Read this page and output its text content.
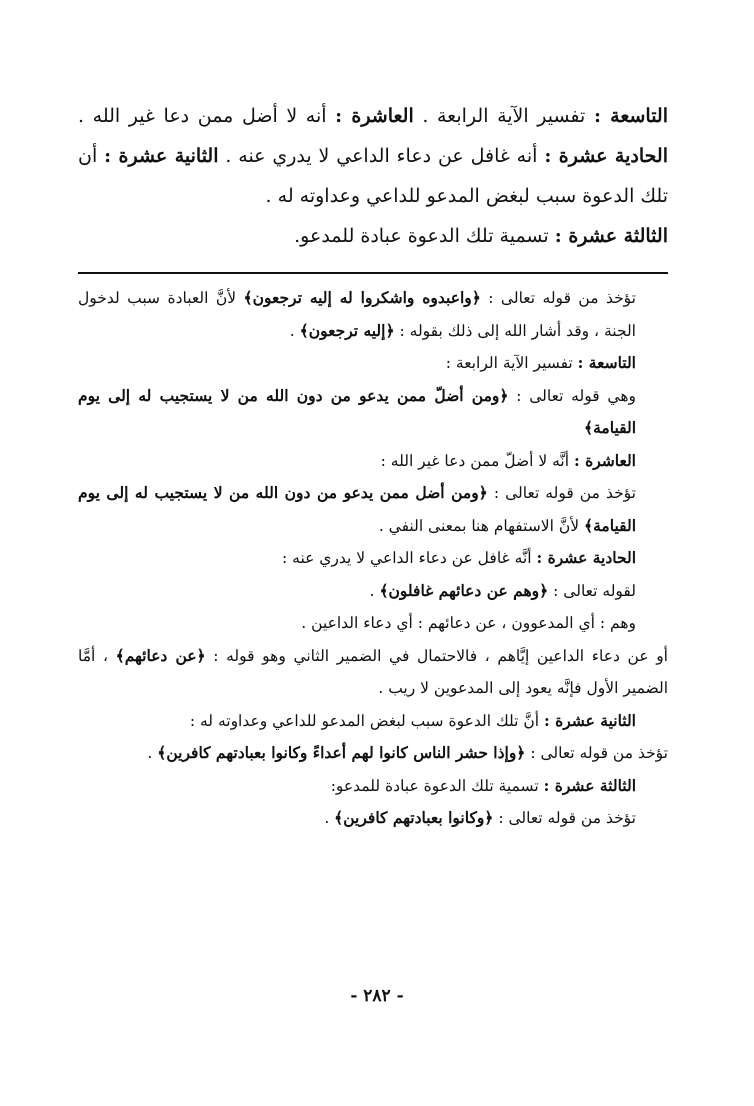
التاسعة : تفسير الآية الرابعة . العاشرة : أنه لا أضل ممن دعا غير الله . الحادية عشرة : أنه غافل عن دعاء الداعي لا يدري عنه . الثانية عشرة : أن تلك الدعوة سبب لبغض المدعو للداعي وعداوته له .

الثالثة عشرة : تسمية تلك الدعوة عبادة للمدعو.

تؤخذ من قوله تعالى : ﴿واعبدوه واشكروا له إليه ترجعون﴾ لأنَّ العبادة سبب لدخول الجنة ، وقد أشار الله إلى ذلك بقوله : ﴿إليه ترجعون﴾ .

التاسعة : تفسير الآية الرابعة :

وهي قوله تعالى : ﴿ومن أضلّ ممن يدعو من دون الله من لا يستجيب له إلى يوم القيامة﴾

العاشرة : أنَّه لا أضلّ ممن دعا غير الله :

تؤخذ من قوله تعالى : ﴿ومن أضل ممن يدعو من دون الله من لا يستجيب له إلى يوم القيامة﴾ لأنَّ الاستفهام هنا بمعنى النفي .

الحادية عشرة : أنَّه غافل عن دعاء الداعي لا يدري عنه :

لقوله تعالى : ﴿وهم عن دعائهم غافلون﴾ .

وهم : أي المدعوون ، عن دعائهم : أي دعاء الداعين .

أو عن دعاء الداعين إيَّاهم ، فالاحتمال في الضمير الثاني وهو قوله : ﴿عن دعائهم﴾ ، أمَّا الضمير الأول فإنَّه يعود إلى المدعوين لا ريب .

الثانية عشرة : أنَّ تلك الدعوة سبب لبغض المدعو للداعي وعداوته له :

تؤخذ من قوله تعالى : ﴿وإذا حشر الناس كانوا لهم أعداءً وكانوا بعبادتهم كافرين﴾ .

الثالثة عشرة : تسمية تلك الدعوة عبادة للمدعو:

تؤخذ من قوله تعالى : ﴿وكانوا بعبادتهم كافرين﴾ .

- ٢٨٢ -
